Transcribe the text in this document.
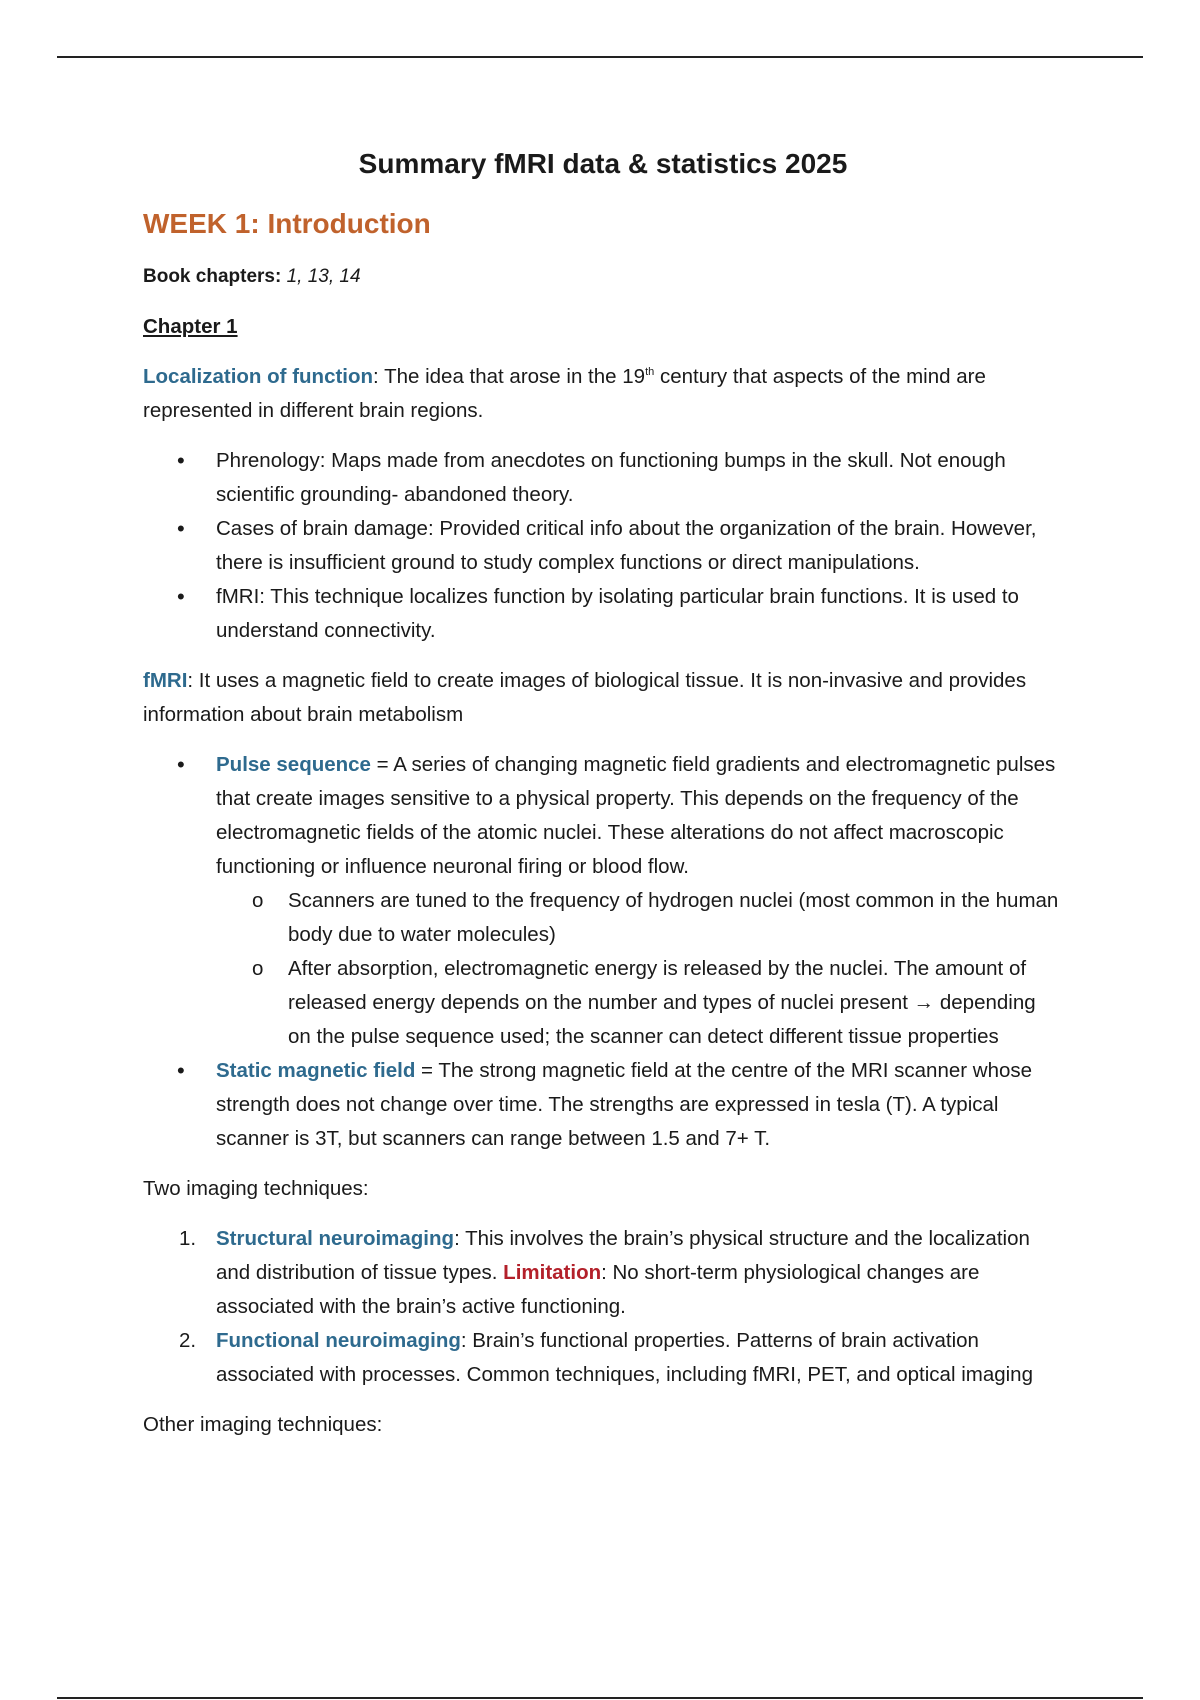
Summary fMRI data & statistics 2025
WEEK 1: Introduction
Book chapters: 1, 13, 14
Chapter 1

Localization of function: The idea that arose in the 19th century that aspects of the mind are represented in different brain regions.

• Phrenology: Maps made from anecdotes on functioning bumps in the skull. Not enough scientific grounding- abandoned theory.
• Cases of brain damage: Provided critical info about the organization of the brain. However, there is insufficient ground to study complex functions or direct manipulations.
• fMRI: This technique localizes function by isolating particular brain functions. It is used to understand connectivity.

fMRI: It uses a magnetic field to create images of biological tissue. It is non-invasive and provides information about brain metabolism

• Pulse sequence = A series of changing magnetic field gradients and electromagnetic pulses that create images sensitive to a physical property. This depends on the frequency of the electromagnetic fields of the atomic nuclei. These alterations do not affect macroscopic functioning or influence neuronal firing or blood flow.
o Scanners are tuned to the frequency of hydrogen nuclei (most common in the human body due to water molecules)
o After absorption, electromagnetic energy is released by the nuclei. The amount of released energy depends on the number and types of nuclei present → depending on the pulse sequence used; the scanner can detect different tissue properties
• Static magnetic field = The strong magnetic field at the centre of the MRI scanner whose strength does not change over time. The strengths are expressed in tesla (T). A typical scanner is 3T, but scanners can range between 1.5 and 7+ T.

Two imaging techniques:

1. Structural neuroimaging: This involves the brain’s physical structure and the localization and distribution of tissue types. Limitation: No short-term physiological changes are associated with the brain’s active functioning.
2. Functional neuroimaging: Brain’s functional properties. Patterns of brain activation associated with processes. Common techniques, including fMRI, PET, and optical imaging

Other imaging techniques:
